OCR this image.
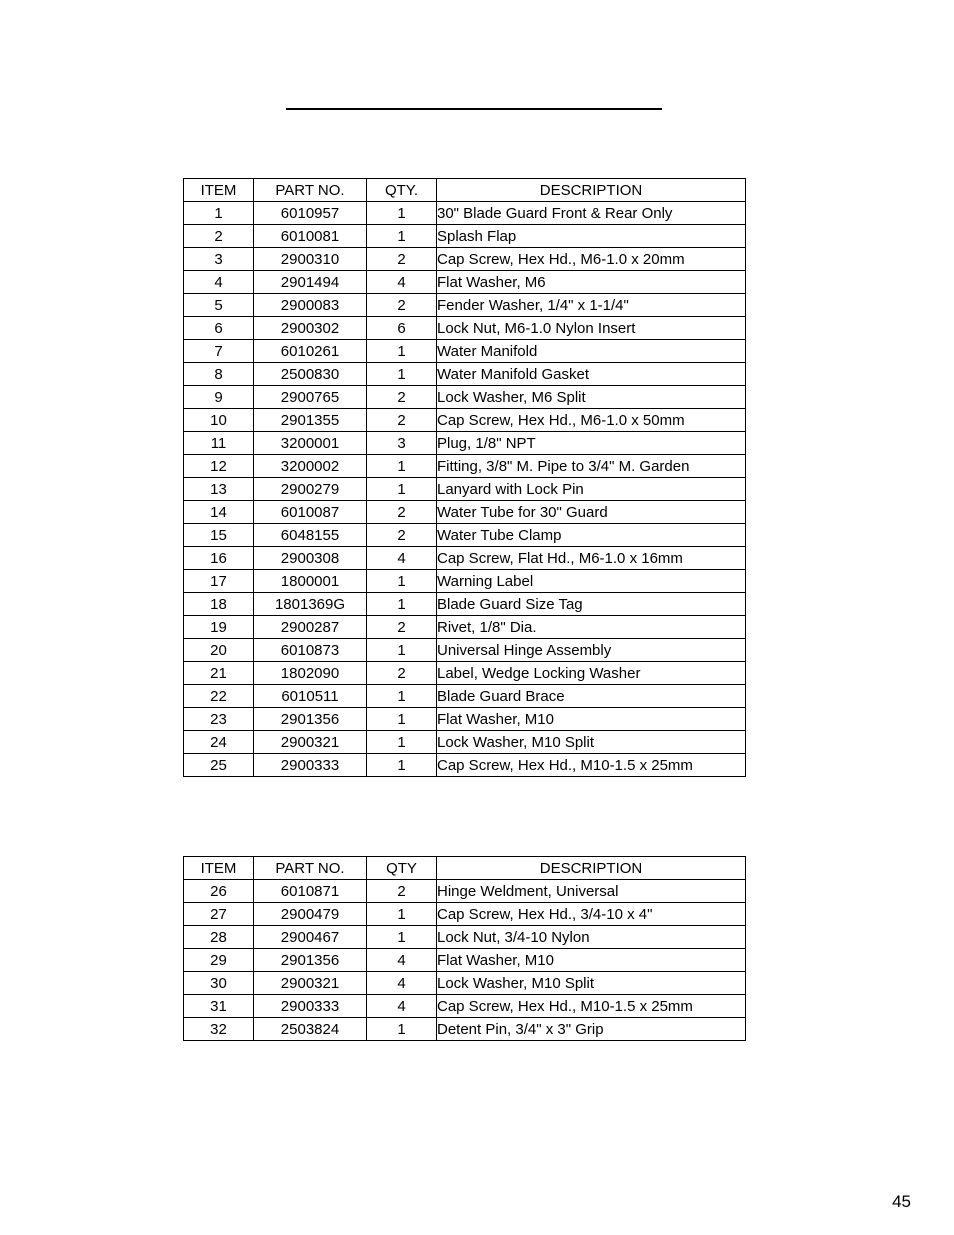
ITEM	PART NO.	QTY.	DESCRIPTION
1	6010957	1	30" Blade Guard Front & Rear Only
2	6010081	1	Splash Flap
3	2900310	2	Cap Screw, Hex Hd., M6-1.0 x 20mm
4	2901494	4	Flat Washer, M6
5	2900083	2	Fender Washer, 1/4" x 1-1/4"
6	2900302	6	Lock Nut, M6-1.0 Nylon Insert
7	6010261	1	Water Manifold
8	2500830	1	Water Manifold Gasket
9	2900765	2	Lock Washer, M6 Split
10	2901355	2	Cap Screw, Hex Hd., M6-1.0 x 50mm
11	3200001	3	Plug, 1/8" NPT
12	3200002	1	Fitting, 3/8" M. Pipe to 3/4" M. Garden
13	2900279	1	Lanyard with Lock Pin
14	6010087	2	Water Tube for 30" Guard
15	6048155	2	Water Tube Clamp
16	2900308	4	Cap Screw, Flat Hd., M6-1.0 x 16mm
17	1800001	1	Warning Label
18	1801369G	1	Blade Guard Size Tag
19	2900287	2	Rivet, 1/8" Dia.
20	6010873	1	Universal Hinge Assembly
21	1802090	2	Label, Wedge Locking Washer
22	6010511	1	Blade Guard Brace
23	2901356	1	Flat Washer, M10
24	2900321	1	Lock Washer, M10 Split
25	2900333	1	Cap Screw, Hex Hd., M10-1.5 x 25mm
ITEM	PART NO.	QTY	DESCRIPTION
26	6010871	2	Hinge Weldment, Universal
27	2900479	1	Cap Screw, Hex Hd., 3/4-10 x 4"
28	2900467	1	Lock Nut, 3/4-10 Nylon
29	2901356	4	Flat Washer, M10
30	2900321	4	Lock Washer, M10 Split
31	2900333	4	Cap Screw, Hex Hd., M10-1.5 x 25mm
32	2503824	1	Detent Pin, 3/4" x 3" Grip
45
